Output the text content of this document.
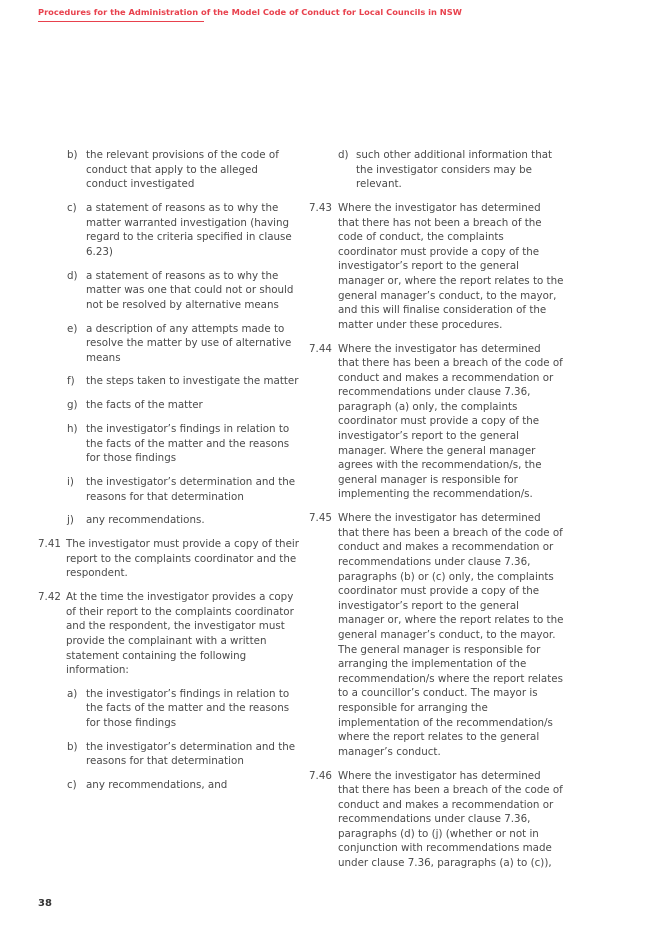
Procedures for the Administration of the Model Code of Conduct for Local Councils in NSW
b) the relevant provisions of the code of conduct that apply to the alleged conduct investigated
c) a statement of reasons as to why the matter warranted investigation (having regard to the criteria specified in clause 6.23)
d) a statement of reasons as to why the matter was one that could not or should not be resolved by alternative means
e) a description of any attempts made to resolve the matter by use of alternative means
f)	the steps taken to investigate the matter
g) the facts of the matter
h) the investigator’s findings in relation to the facts of the matter and the reasons for those findings
i)	the investigator’s determination and the reasons for that determination
j)	any recommendations.
7.41 The investigator must provide a copy of their report to the complaints coordinator and the respondent.
7.42 At the time the investigator provides a copy of their report to the complaints coordinator and the respondent, the investigator must provide the complainant with a written statement containing the following information:
a) the investigator’s findings in relation to the facts of the matter and the reasons for those findings
b) the investigator’s determination and the reasons for that determination
c) any recommendations, and
d) such other additional information that the investigator considers may be relevant.
7.43 Where the investigator has determined that there has not been a breach of the code of conduct, the complaints coordinator must provide a copy of the investigator’s report to the general manager or, where the report relates to the general manager’s conduct, to the mayor, and this will finalise consideration of the matter under these procedures.
7.44 Where the investigator has determined that there has been a breach of the code of conduct and makes a recommendation or recommendations under clause 7.36, paragraph (a) only, the complaints coordinator must provide a copy of the investigator’s report to the general manager. Where the general manager agrees with the recommendation/s, the general manager is responsible for implementing the recommendation/s.
7.45 Where the investigator has determined that there has been a breach of the code of conduct and makes a recommendation or recommendations under clause 7.36, paragraphs (b) or (c) only, the complaints coordinator must provide a copy of the investigator’s report to the general manager or, where the report relates to the general manager’s conduct, to the mayor. The general manager is responsible for arranging the implementation of the recommendation/s where the report relates to a councillor’s conduct. The mayor is responsible for arranging the implementation of the recommendation/s where the report relates to the general manager’s conduct.
7.46 Where the investigator has determined that there has been a breach of the code of conduct and makes a recommendation or recommendations under clause 7.36, paragraphs (d) to (j) (whether or not in conjunction with recommendations made under clause 7.36, paragraphs (a) to (c)),
38
